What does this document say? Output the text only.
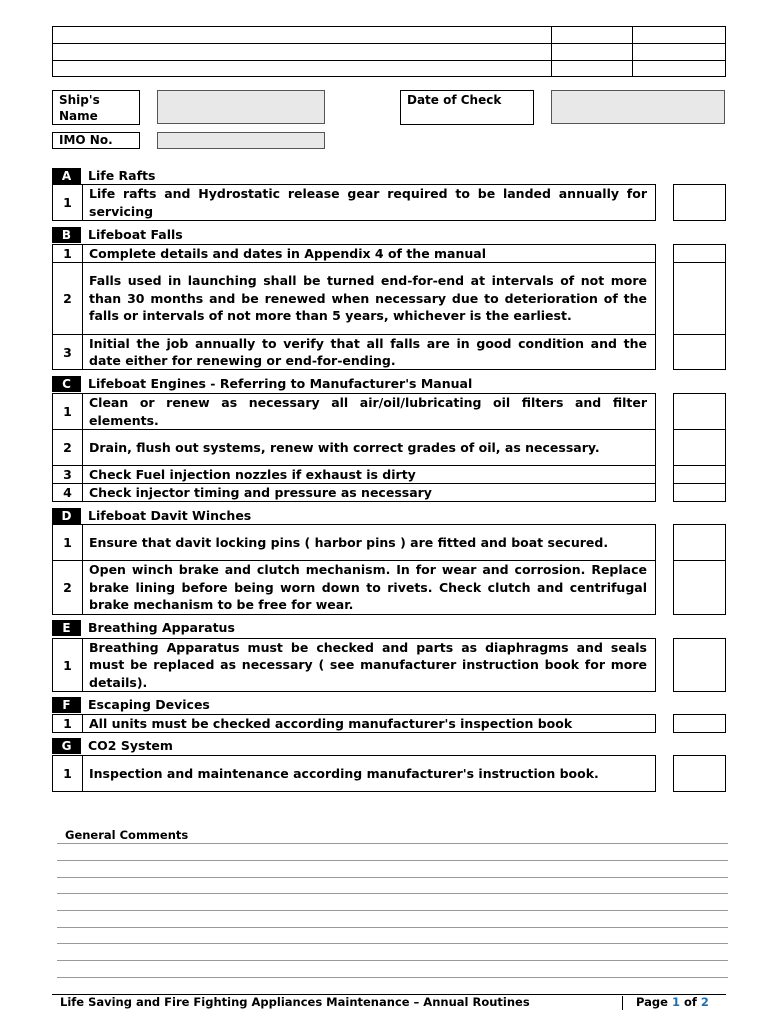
Ship's Name
Date of Check
IMO No.
A	Life Rafts
1
Life rafts and Hydrostatic release gear required to be landed annually for servicing
B	Lifeboat Falls
1	Complete details and dates in Appendix 4 of the manual
2
Falls used in launching shall be turned end-for-end at intervals of not more than 30 months and be renewed when necessary due to deterioration of the falls or intervals of not more than 5 years, whichever is the earliest.
3
Initial the job annually to verify that all falls are in good condition and the date either for renewing or end-for-ending.
C	Lifeboat Engines - Referring to Manufacturer's Manual
1
Clean or renew as necessary all air/oil/lubricating oil filters and filter elements.
2	Drain, flush out systems, renew with correct grades of oil, as necessary.
3	Check Fuel injection nozzles if exhaust is dirty
4	Check injector timing and pressure as necessary
D	Lifeboat Davit Winches
1	Ensure that davit locking pins ( harbor pins ) are fitted and boat secured.
2
Open winch brake and clutch mechanism. In for wear and corrosion. Replace brake lining before being worn down to rivets. Check clutch and centrifugal brake mechanism to be free for wear.
E	Breathing Apparatus
1
Breathing Apparatus must be checked and parts as diaphragms and seals must be replaced as necessary ( see manufacturer instruction book for more details).
F	Escaping Devices
1	All units must be checked according manufacturer's inspection book
G	CO2 System
1	Inspection and maintenance according manufacturer's instruction book.
General Comments
Life Saving and Fire Fighting Appliances Maintenance – Annual Routines	Page 1 of 2
